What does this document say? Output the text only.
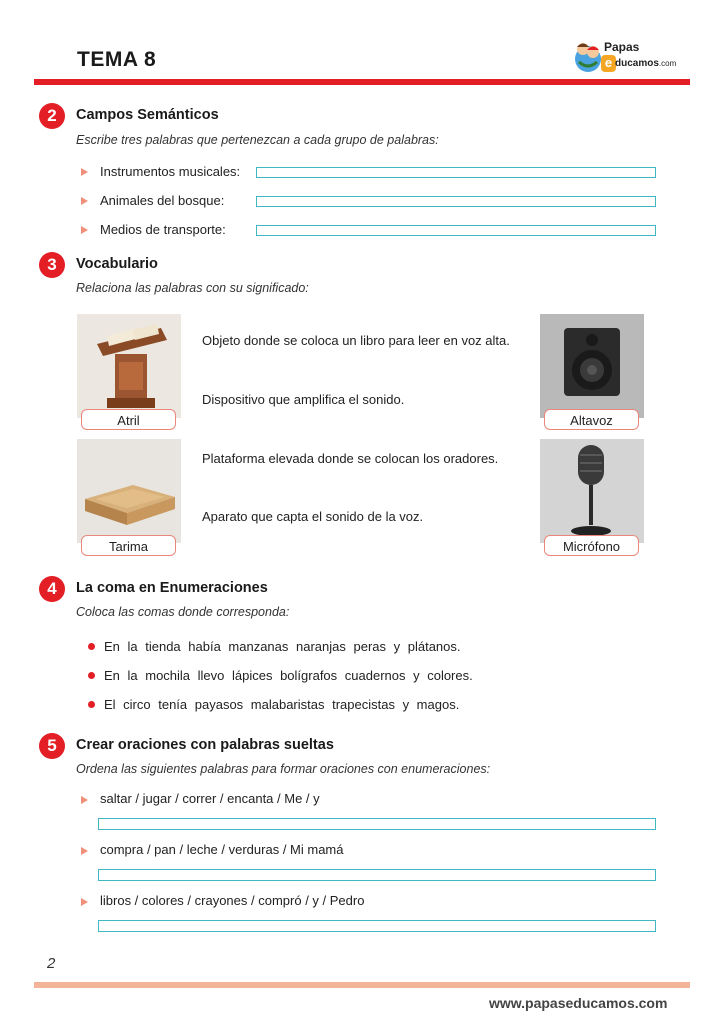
TEMA 8
Papas
e ducamos.com
2	Campos Semánticos
Escribe tres palabras que pertenezcan a cada grupo de palabras:
Instrumentos musicales:
Animales del bosque:
Medios de transporte:
3	Vocabulario
Relaciona las palabras con su significado:
Atril
Tarima
Altavoz
Micrófono
Objeto donde se coloca un libro para leer en voz alta.
Dispositivo que amplifica el sonido.
Plataforma elevada donde se colocan los oradores.
Aparato que capta el sonido de la voz.
4	La coma en Enumeraciones
Coloca las comas donde corresponda:
En la tienda había manzanas naranjas peras y plátanos.
En la mochila llevo lápices bolígrafos cuadernos y colores.
El circo tenía payasos malabaristas trapecistas y magos.
5	Crear oraciones con palabras sueltas
Ordena las siguientes palabras para formar oraciones con enumeraciones:
saltar / jugar / correr / encanta / Me / y
compra / pan / leche / verduras / Mi mamá
libros / colores / crayones / compró / y / Pedro
2
www.papaseducamos.com
